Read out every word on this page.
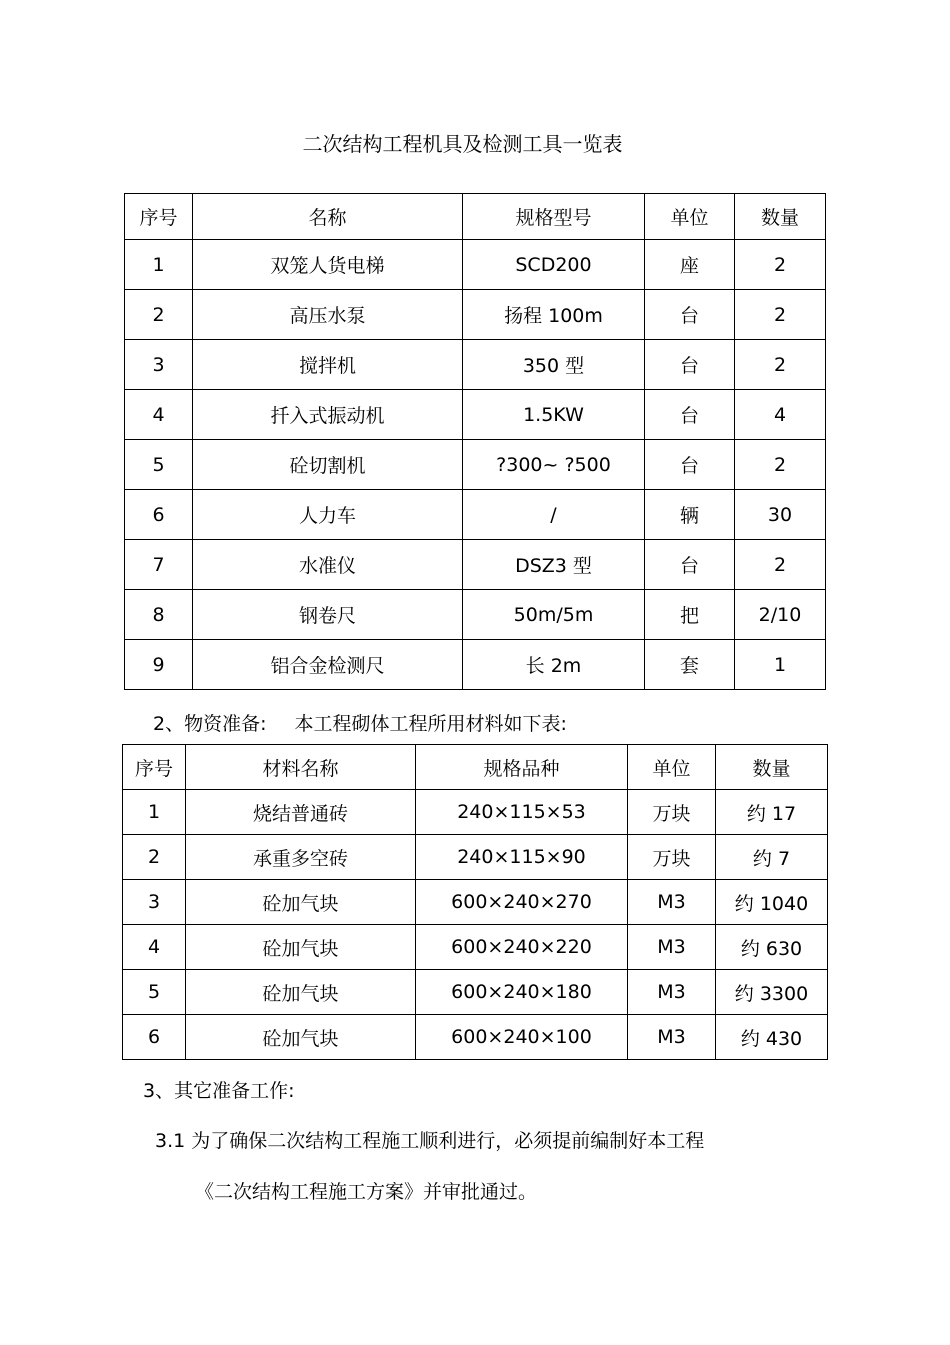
二次结构工程机具及检测工具一览表
序号	名称	规格型号	单位	数量
1	双笼人货电梯	SCD200	座	2
2	高压水泵	扬程 100m	台	2
3	搅拌机	350 型	台	2
4	扦入式振动机	1.5KW	台	4
5	砼切割机	?300~ ?500	台	2
6	人力车	/	辆	30
7	水准仪	DSZ3 型	台	2
8	钢卷尺	50m/5m	把	2/10
9	铝合金检测尺	长 2m	套	1
2、物资准备: 本工程砌体工程所用材料如下表:
序号	材料名称	规格品种	单位	数量
1	烧结普通砖	240×115×53	万块	约 17
2	承重多空砖	240×115×90	万块	约 7
3	砼加气块	600×240×270	M3	约 1040
4	砼加气块	600×240×220	M3	约 630
5	砼加气块	600×240×180	M3	约 3300
6	砼加气块	600×240×100	M3	约 430
3、其它准备工作:
3.1 为了确保二次结构工程施工顺利进行，必须提前编制好本工程
《二次结构工程施工方案》并审批通过。
